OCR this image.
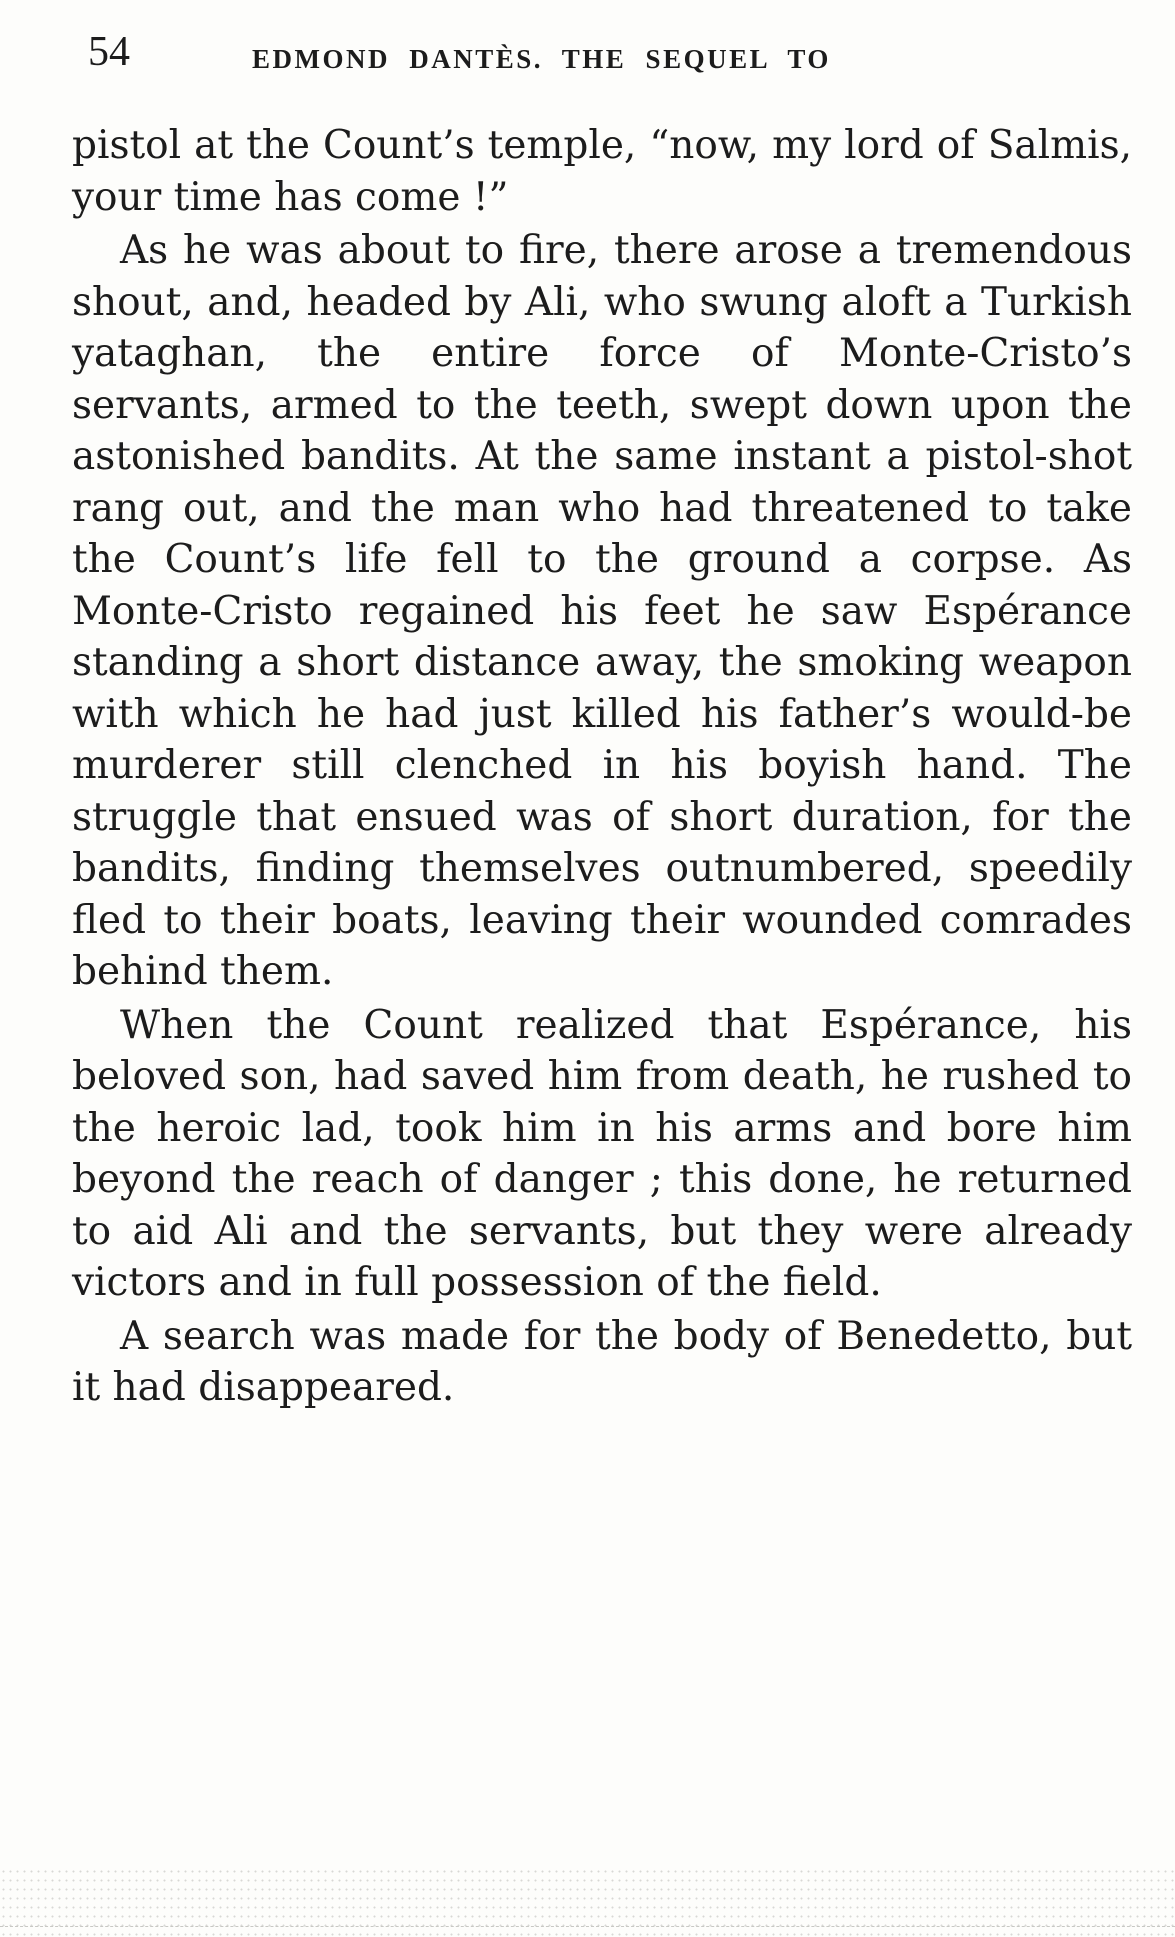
54	EDMOND DANTÈS. THE SEQUEL TO

pistol at the Count’s temple, “now, my lord of Salmis, your time has come !”

As he was about to fire, there arose a tremendous shout, and, headed by Ali, who swung aloft a Turkish yataghan, the entire force of Monte-Cristo’s servants, armed to the teeth, swept down upon the astonished bandits. At the same instant a pistol-shot rang out, and the man who had threatened to take the Count’s life fell to the ground a corpse. As Monte-Cristo regained his feet he saw Espérance standing a short distance away, the smoking weapon with which he had just killed his father’s would-be murderer still clenched in his boyish hand. The struggle that ensued was of short duration, for the bandits, finding themselves outnumbered, speedily fled to their boats, leaving their wounded comrades behind them.

When the Count realized that Espérance, his beloved son, had saved him from death, he rushed to the heroic lad, took him in his arms and bore him beyond the reach of danger ; this done, he returned to aid Ali and the servants, but they were already victors and in full possession of the field.

A search was made for the body of Benedetto, but it had disappeared.
